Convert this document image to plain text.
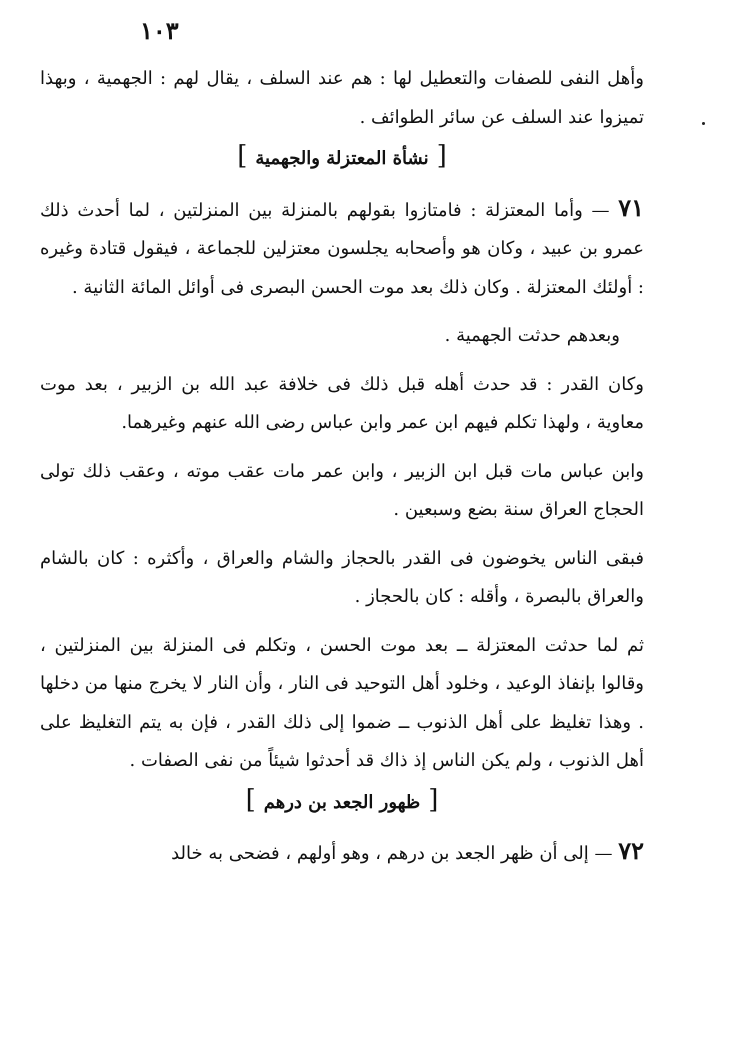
١٠٣

وأهل النفى للصفات والتعطيل لها : هم عند السلف ، يقال لهم : الجهمية ، وبهذا تميزوا عند السلف عن سائر الطوائف .

[نشأة المعتزلة والجهمية]

٧١ — وأما المعتزلة : فامتازوا بقولهم بالمنزلة بين المنزلتين ، لما أحدث ذلك عمرو بن عبيد ، وكان هو وأصحابه يجلسون معتزلين للجماعة ، فيقول قتادة وغيره : أولئك المعتزلة . وكان ذلك بعد موت الحسن البصرى فى أوائل المائة الثانية .

وبعدهم حدثت الجهمية .

وكان القدر : قد حدث أهله قبل ذلك فى خلافة عبد الله بن الزبير ، بعد موت معاوية ، ولهذا تكلم فيهم ابن عمر وابن عباس رضى الله عنهم وغيرهما.

وابن عباس مات قبل ابن الزبير ، وابن عمر مات عقب موته ، وعقب ذلك تولى الحجاج العراق سنة بضع وسبعين .

فبقى الناس يخوضون فى القدر بالحجاز والشام والعراق ، وأكثره : كان بالشام والعراق بالبصرة ، وأقله : كان بالحجاز .

ثم لما حدثت المعتزلة ــ بعد موت الحسن ، وتكلم فى المنزلة بين المنزلتين ، وقالوا بإنفاذ الوعيد ، وخلود أهل التوحيد فى النار ، وأن النار لا يخرج منها من دخلها . وهذا تغليظ على أهل الذنوب ــ ضموا إلى ذلك القدر ، فإن به يتم التغليظ على أهل الذنوب ، ولم يكن الناس إذ ذاك قد أحدثوا شيئاً من نفى الصفات .

[ظهور الجعد بن درهم]

٧٢ — إلى أن ظهر الجعد بن درهم ، وهو أولهم ، فضحى به خالد
